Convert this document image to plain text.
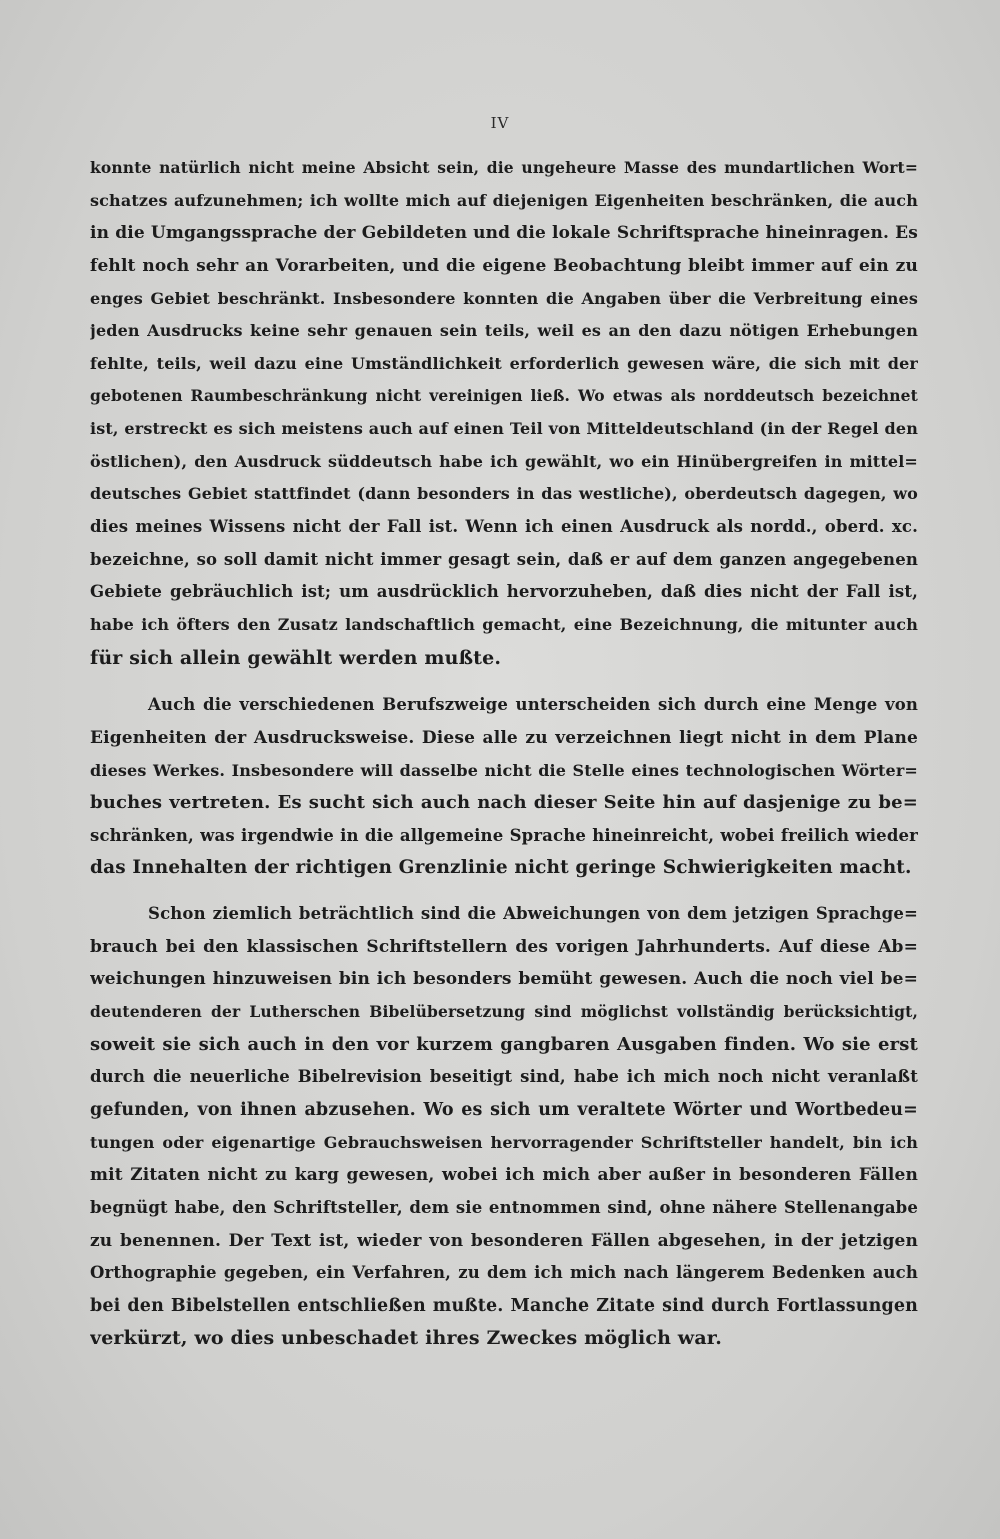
IV
konnte natürlich nicht meine Absicht sein, die ungeheure Masse des mundartlichen Wort=
schatzes aufzunehmen; ich wollte mich auf diejenigen Eigenheiten beschränken, die auch
in die Umgangssprache der Gebildeten und die lokale Schriftsprache hineinragen. Es
fehlt noch sehr an Vorarbeiten, und die eigene Beobachtung bleibt immer auf ein zu
enges Gebiet beschränkt. Insbesondere konnten die Angaben über die Verbreitung eines
jeden Ausdrucks keine sehr genauen sein teils, weil es an den dazu nötigen Erhebungen
fehlte, teils, weil dazu eine Umständlichkeit erforderlich gewesen wäre, die sich mit der
gebotenen Raumbeschränkung nicht vereinigen ließ. Wo etwas als norddeutsch bezeichnet
ist, erstreckt es sich meistens auch auf einen Teil von Mitteldeutschland (in der Regel den
östlichen), den Ausdruck süddeutsch habe ich gewählt, wo ein Hinübergreifen in mittel=
deutsches Gebiet stattfindet (dann besonders in das westliche), oberdeutsch dagegen, wo
dies meines Wissens nicht der Fall ist. Wenn ich einen Ausdruck als nordd., oberd. xc.
bezeichne, so soll damit nicht immer gesagt sein, daß er auf dem ganzen angegebenen
Gebiete gebräuchlich ist; um ausdrücklich hervorzuheben, daß dies nicht der Fall ist,
habe ich öfters den Zusatz landschaftlich gemacht, eine Bezeichnung, die mitunter auch
für sich allein gewählt werden mußte.
Auch die verschiedenen Berufszweige unterscheiden sich durch eine Menge von
Eigenheiten der Ausdrucksweise. Diese alle zu verzeichnen liegt nicht in dem Plane
dieses Werkes. Insbesondere will dasselbe nicht die Stelle eines technologischen Wörter=
buches vertreten. Es sucht sich auch nach dieser Seite hin auf dasjenige zu be=
schränken, was irgendwie in die allgemeine Sprache hineinreicht, wobei freilich wieder
das Innehalten der richtigen Grenzlinie nicht geringe Schwierigkeiten macht.
Schon ziemlich beträchtlich sind die Abweichungen von dem jetzigen Sprachge=
brauch bei den klassischen Schriftstellern des vorigen Jahrhunderts. Auf diese Ab=
weichungen hinzuweisen bin ich besonders bemüht gewesen. Auch die noch viel be=
deutenderen der Lutherschen Bibelübersetzung sind möglichst vollständig berücksichtigt,
soweit sie sich auch in den vor kurzem gangbaren Ausgaben finden. Wo sie erst
durch die neuerliche Bibelrevision beseitigt sind, habe ich mich noch nicht veranlaßt
gefunden, von ihnen abzusehen. Wo es sich um veraltete Wörter und Wortbedeu=
tungen oder eigenartige Gebrauchsweisen hervorragender Schriftsteller handelt, bin ich
mit Zitaten nicht zu karg gewesen, wobei ich mich aber außer in besonderen Fällen
begnügt habe, den Schriftsteller, dem sie entnommen sind, ohne nähere Stellenangabe
zu benennen. Der Text ist, wieder von besonderen Fällen abgesehen, in der jetzigen
Orthographie gegeben, ein Verfahren, zu dem ich mich nach längerem Bedenken auch
bei den Bibelstellen entschließen mußte. Manche Zitate sind durch Fortlassungen
verkürzt, wo dies unbeschadet ihres Zweckes möglich war.
